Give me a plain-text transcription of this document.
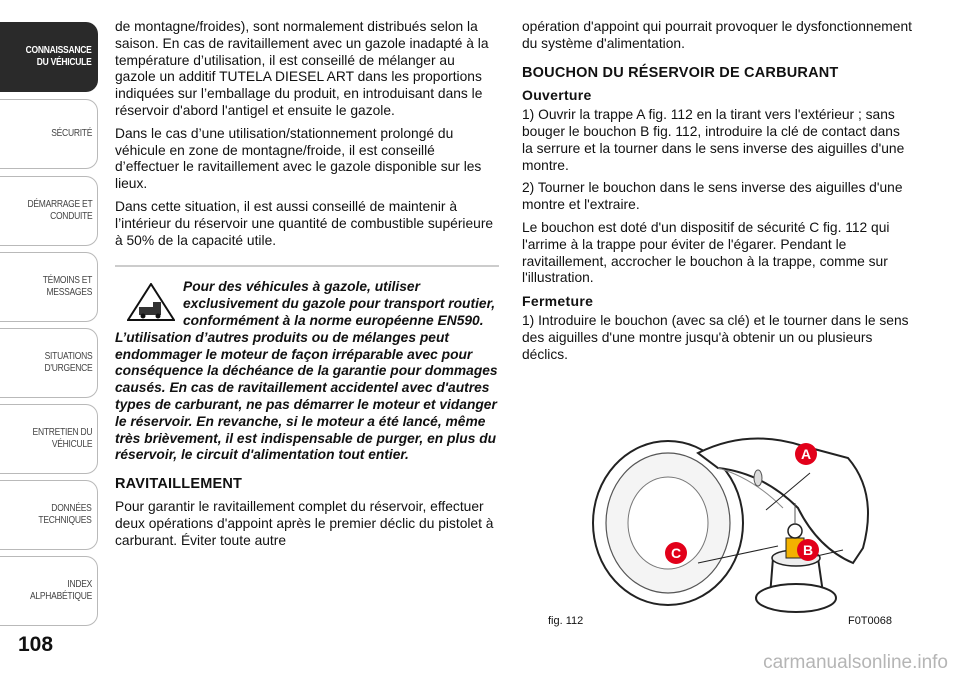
CONNAISSANCE
DU VÉHICULE
SÉCURITÉ
DÉMARRAGE ET
CONDUITE
TÉMOINS ET
MESSAGES
SITUATIONS
D'URGENCE
ENTRETIEN DU
VÉHICULE
DONNÉES
TECHNIQUES
INDEX
ALPHABÉTIQUE
108

de montagne/froides), sont normalement distribués selon la saison. En cas de ravitaillement avec un gazole inadapté à la température d’utilisation, il est conseillé de mélanger au gazole un additif TUTELA DIESEL ART dans les proportions indiquées sur l’emballage du produit, en introduisant dans le réservoir d'abord l'antigel et ensuite le gazole.

Dans le cas d’une utilisation/stationnement prolongé du véhicule en zone de montagne/froide, il est conseillé d’effectuer le ravitaillement avec le gazole disponible sur les lieux.

Dans cette situation, il est aussi conseillé de maintenir à l’intérieur du réservoir une quantité de combustible supérieure à 50% de la capacité utile.

Pour des véhicules à gazole, utiliser exclusivement du gazole pour transport routier, conformément à la norme européenne EN590. L’utilisation d’autres produits ou de mélanges peut endommager le moteur de façon irréparable avec pour conséquence la déchéance de la garantie pour dommages causés. En cas de ravitaillement accidentel avec d'autres types de carburant, ne pas démarrer le moteur et vidanger le réservoir. En revanche, si le moteur a été lancé, même très brièvement, il est indispensable de purger, en plus du réservoir, le circuit d'alimentation tout entier.
RAVITAILLEMENT

Pour garantir le ravitaillement complet du réservoir, effectuer deux opérations d'appoint après le premier déclic du pistolet à carburant. Éviter toute autre

opération d'appoint qui pourrait provoquer le dysfonctionnement du système d'alimentation.

BOUCHON DU RÉSERVOIR DE CARBURANT
Ouverture

1) Ouvrir la trappe A fig. 112 en la tirant vers l'extérieur ; sans bouger le bouchon B fig. 112, introduire la clé de contact dans la serrure et la tourner dans le sens inverse des aiguilles d'une montre.

2) Tourner le bouchon dans le sens inverse des aiguilles d'une montre et l'extraire.

Le bouchon est doté d'un dispositif de sécurité C fig. 112 qui l'arrime à la trappe pour éviter de l'égarer. Pendant le ravitaillement, accrocher le bouchon à la trappe, comme sur l'illustration.

Fermeture

1) Introduire le bouchon (avec sa clé) et le tourner dans le sens des aiguilles d'une montre jusqu'à obtenir un ou plusieurs déclics.

A
B
C
fig. 112	F0T0068
carmanualsonline.info
